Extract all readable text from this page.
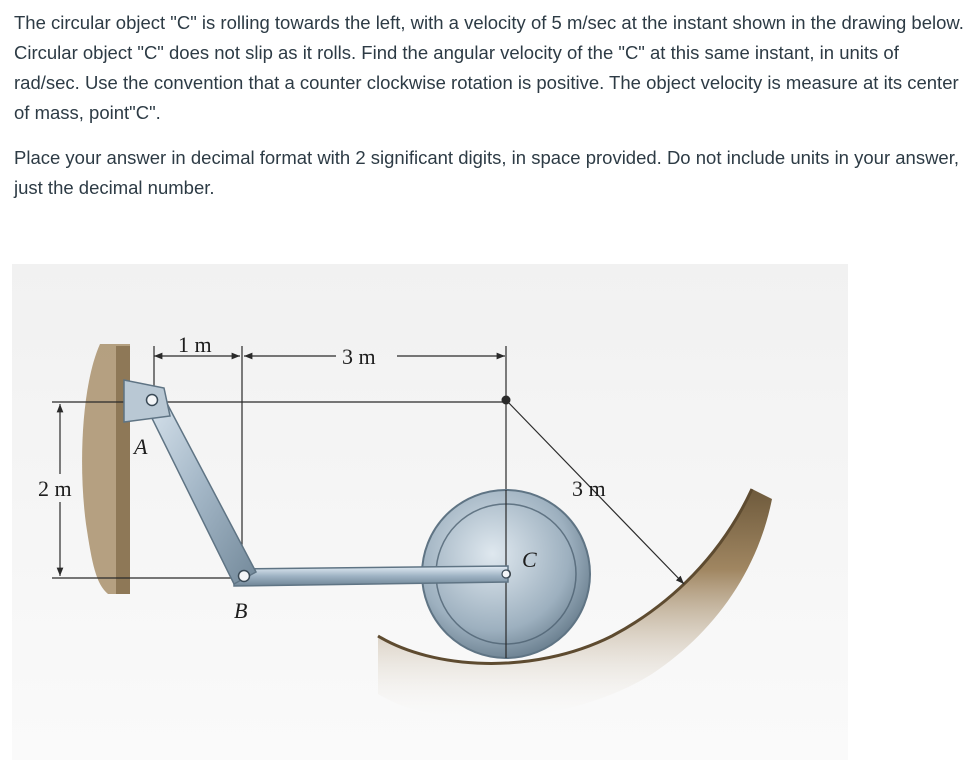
The circular object "C" is rolling towards the left, with a velocity of 5 m/sec at the instant shown in the drawing below. Circular object "C" does not slip as it rolls. Find the angular velocity of the "C" at this same instant, in units of rad/sec. Use the convention that a counter clockwise rotation is positive. The object velocity is measure at its center of mass, point"C".

Place your answer in decimal format with 2 significant digits, in space provided. Do not include units in your answer, just the decimal number.

1 m	3 m
2 m	3 m
A
B
C
